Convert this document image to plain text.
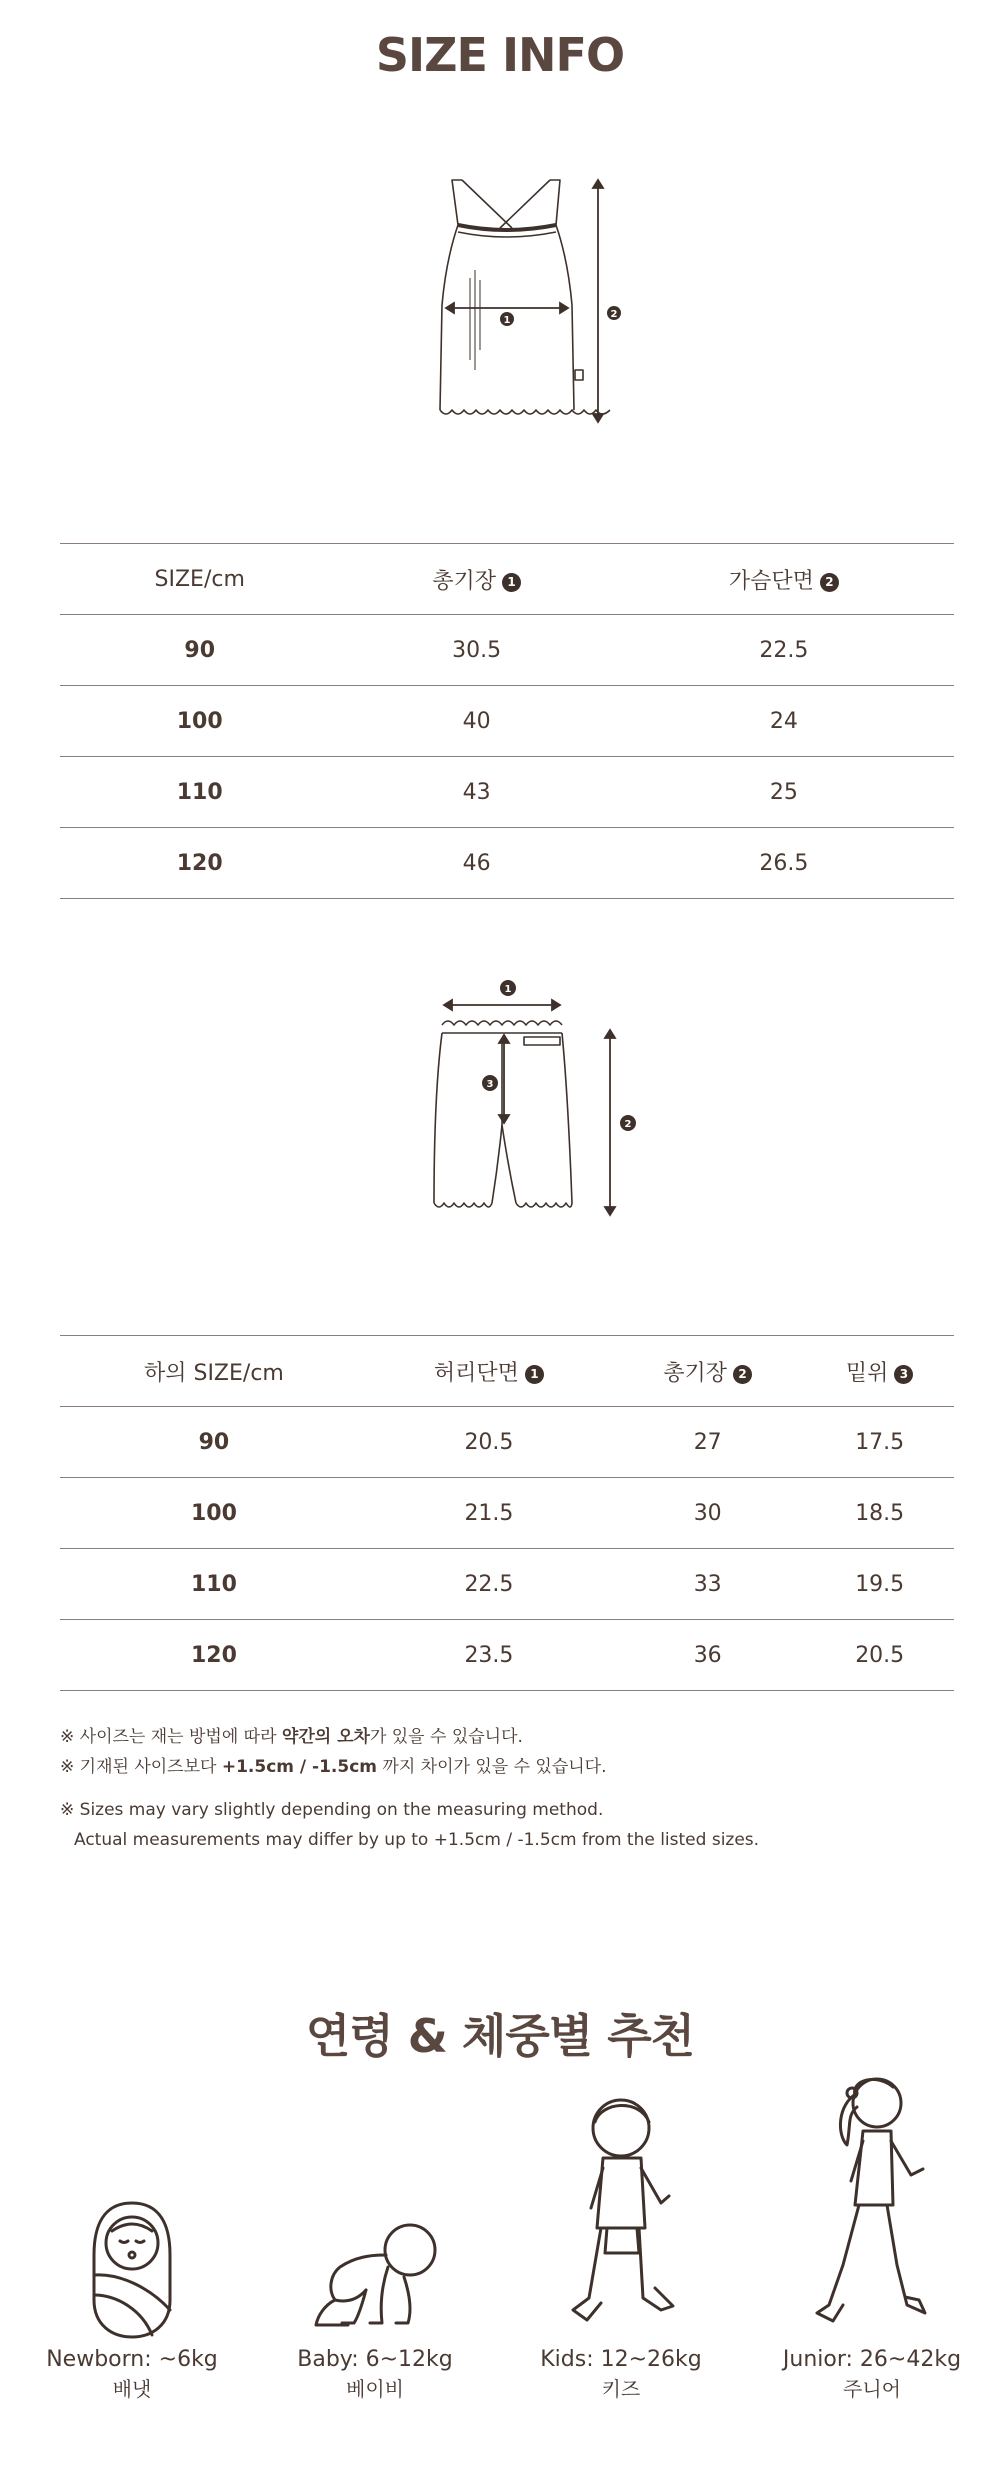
SIZE INFO
1
2
SIZE/cm	총기장 1	가슴단면 2
90	30.5	22.5
100	40	24
110	43	25
120	46	26.5
1
2
3
하의 SIZE/cm	허리단면 1	총기장 2	밑위 3
90	20.5	27	17.5
100	21.5	30	18.5
110	22.5	33	19.5
120	23.5	36	20.5

※ 사이즈는 재는 방법에 따라 약간의 오차가 있을 수 있습니다.

※ 기재된 사이즈보다 +1.5cm / -1.5cm 까지 차이가 있을 수 있습니다.

※ Sizes may vary slightly depending on the measuring method.

Actual measurements may differ by up to +1.5cm / -1.5cm from the listed sizes.

연령 & 체중별 추천
Newborn: ~6kg
배냇
Baby: 6~12kg
베이비
Kids: 12~26kg
키즈
Junior: 26~42kg
주니어
